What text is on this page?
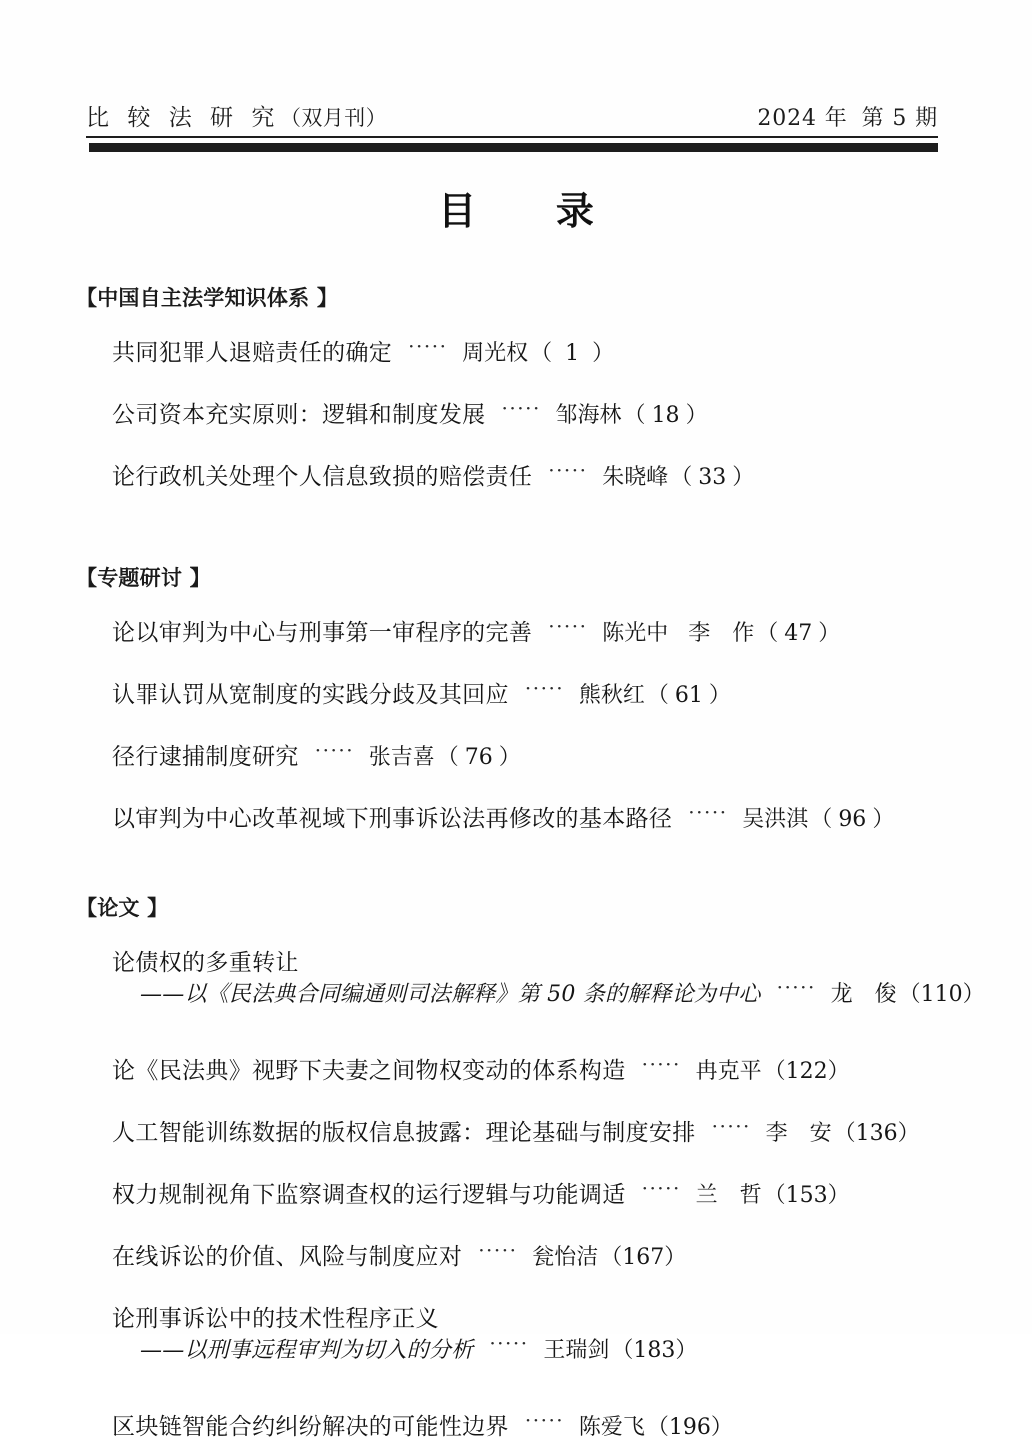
比 较 法 研 究（双月刊）	2024 年 第 5 期
目　录
【中国自主法学知识体系 】
共同犯罪人退赔责任的确定 ·····	周光权 （ 1 ）
公司资本充实原则：逻辑和制度发展 ·····	邹海林 （ 18 ）
论行政机关处理个人信息致损的赔偿责任 ·····	朱晓峰 （ 33 ）
【专题研讨 】
论以审判为中心与刑事第一审程序的完善 ·····	陈光中 李　作 （ 47 ）
认罪认罚从宽制度的实践分歧及其回应 ·····	熊秋红 （ 61 ）
径行逮捕制度研究 ·····	张吉喜 （ 76 ）
以审判为中心改革视域下刑事诉讼法再修改的基本路径 ·····	吴洪淇 （ 96 ）
【论文 】
论债权的多重转让
——以《民法典合同编通则司法解释》第 50 条的解释论为中心 ·····	龙　俊 （110）
论《民法典》视野下夫妻之间物权变动的体系构造 ·····	冉克平 （122）
人工智能训练数据的版权信息披露：理论基础与制度安排 ·····	李　安 （136）
权力规制视角下监察调查权的运行逻辑与功能调适 ·····	兰　哲 （153）
在线诉讼的价值、风险与制度应对 ·····	瓮怡洁 （167）
论刑事诉讼中的技术性程序正义
——以刑事远程审判为切入的分析 ·····	王瑞剑 （183）
区块链智能合约纠纷解决的可能性边界 ·····	陈爱飞 （196）
